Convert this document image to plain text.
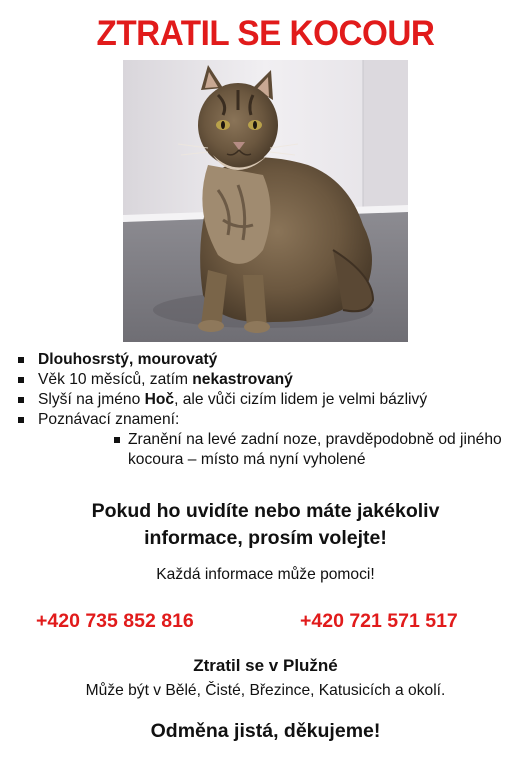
ZTRATIL SE KOCOUR
Dlouhosrstý, mourovatý
Věk 10 měsíců, zatím nekastrovaný
Slyší na jméno Hoč, ale vůči cizím lidem je velmi bázlivý
Poznávací znamení:
Zranění na levé zadní noze, pravděpodobně od jiného kocoura – místo má nyní vyholené
Pokud ho uvidíte nebo máte jakékoliv
informace, prosím volejte!
Každá informace může pomoci!
+420 735 852 816	+420 721 571 517
Ztratil se v Plužné
Může být v Bělé, Čisté, Březince, Katusicích a okolí.
Odměna jistá, děkujeme!
